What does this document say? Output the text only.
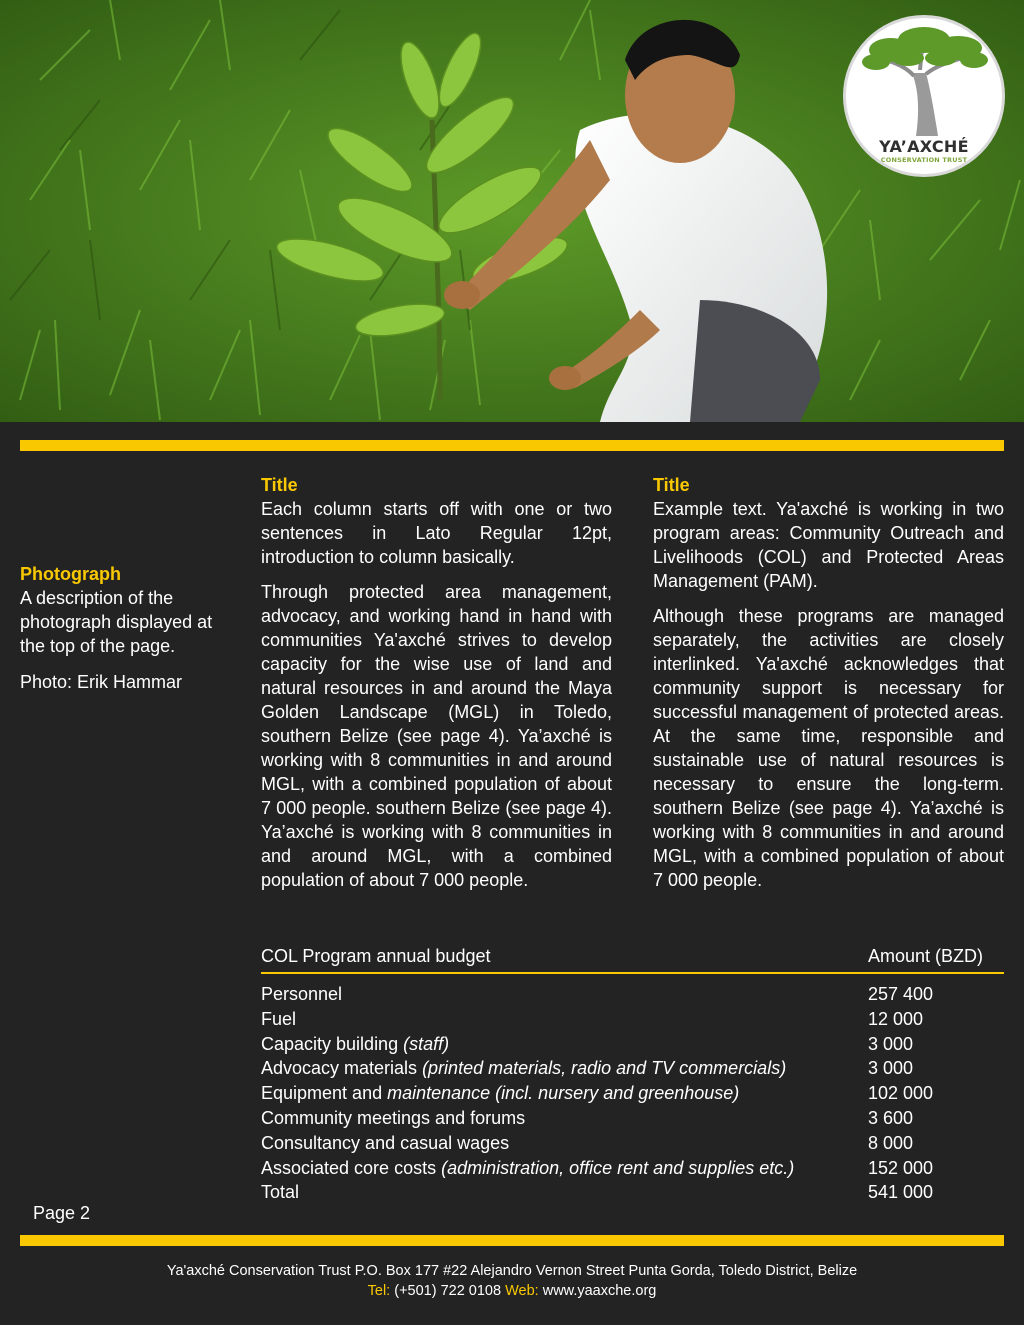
YA’AXCHÉ
CONSERVATION TRUST
Photograph

A description of the photograph displayed at the top of the page.

Photo: Erik Hammar

Title

Each column starts off with one or two sentences in Lato Regular 12pt, introduction to column basically.

Through protected area management, advocacy, and working hand in hand with communities Ya'axché strives to develop capacity for the wise use of land and natural resources in and around the Maya Golden Landscape (MGL) in Toledo, southern Belize (see page 4). Ya’axché is working with 8 communities in and around MGL, with a combined population of about 7 000 people. southern Belize (see page 4). Ya’axché is working with 8 communities in and around MGL, with a combined population of about 7 000 people.

Title

Example text. Ya'axché is working in two program areas: Community Outreach and Livelihoods (COL) and Protected Areas Management (PAM).

Although these programs are managed separately, the activities are closely interlinked. Ya'axché acknowledges that community support is necessary for successful management of protected areas. At the same time, responsible and sustainable use of natural resources is necessary to ensure the long-term. southern Belize (see page 4). Ya’axché is working with 8 communities in and around MGL, with a combined population of about 7 000 people.

COL Program annual budget	Amount (BZD)
Personnel	257 400
Fuel	12 000
Capacity building (staff)	3 000
Advocacy materials (printed materials, radio and TV commercials)	3 000
Equipment and maintenance (incl. nursery and greenhouse)	102 000
Community meetings and forums	3 600
Consultancy and casual wages	8 000
Associated core costs (administration, office rent and supplies etc.)	152 000
Total	541 000
Page 2
Ya'axché Conservation Trust P.O. Box 177 #22 Alejandro Vernon Street Punta Gorda, Toledo District, Belize
Tel: (+501) 722 0108 Web: www.yaaxche.org
